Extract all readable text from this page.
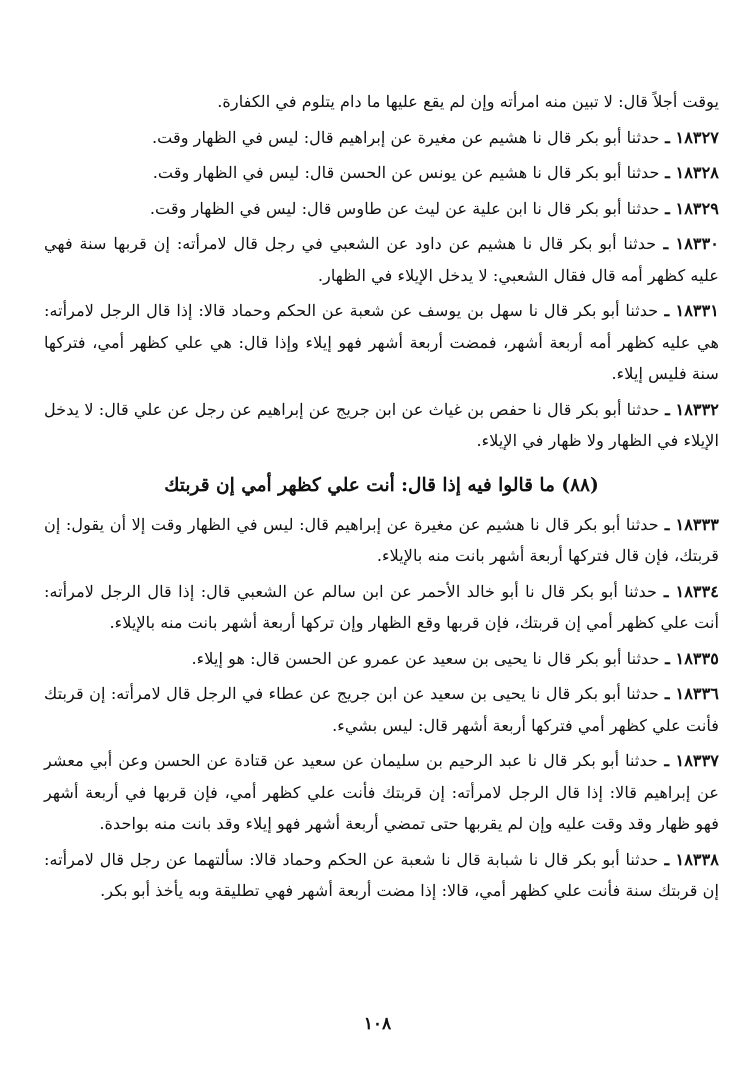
يوقت أجلاً قال: لا تبين منه امرأته وإن لم يقع عليها ما دام يتلوم في الكفارة.

١٨٣٢٧ ـ حدثنا أبو بكر قال نا هشيم عن مغيرة عن إبراهيم قال: ليس في الظهار وقت.

١٨٣٢٨ ـ حدثنا أبو بكر قال نا هشيم عن يونس عن الحسن قال: ليس في الظهار وقت.

١٨٣٢٩ ـ حدثنا أبو بكر قال نا ابن علية عن ليث عن طاوس قال: ليس في الظهار وقت.

١٨٣٣٠ ـ حدثنا أبو بكر قال نا هشيم عن داود عن الشعبي في رجل قال لامرأته: إن قربها سنة فهي عليه كظهر أمه قال فقال الشعبي: لا يدخل الإيلاء في الظهار.

١٨٣٣١ ـ حدثنا أبو بكر قال نا سهل بن يوسف عن شعبة عن الحكم وحماد قالا: إذا قال الرجل لامرأته: هي عليه كظهر أمه أربعة أشهر، فمضت أربعة أشهر فهو إيلاء وإذا قال: هي علي كظهر أمي، فتركها سنة فليس إيلاء.

١٨٣٣٢ ـ حدثنا أبو بكر قال نا حفص بن غياث عن ابن جريج عن إبراهيم عن رجل عن علي قال: لا يدخل الإيلاء في الظهار ولا ظهار في الإيلاء.

(٨٨) ما قالوا فيه إذا قال: أنت علي كظهر أمي إن قربتك

١٨٣٣٣ ـ حدثنا أبو بكر قال نا هشيم عن مغيرة عن إبراهيم قال: ليس في الظهار وقت إلا أن يقول: إن قربتك، فإن قال فتركها أربعة أشهر بانت منه بالإيلاء.

١٨٣٣٤ ـ حدثنا أبو بكر قال نا أبو خالد الأحمر عن ابن سالم عن الشعبي قال: إذا قال الرجل لامرأته: أنت علي كظهر أمي إن قربتك، فإن قربها وقع الظهار وإن تركها أربعة أشهر بانت منه بالإيلاء.

١٨٣٣٥ ـ حدثنا أبو بكر قال نا يحيى بن سعيد عن عمرو عن الحسن قال: هو إيلاء.

١٨٣٣٦ ـ حدثنا أبو بكر قال نا يحيى بن سعيد عن ابن جريج عن عطاء في الرجل قال لامرأته: إن قربتك فأنت علي كظهر أمي فتركها أربعة أشهر قال: ليس بشيء.

١٨٣٣٧ ـ حدثنا أبو بكر قال نا عبد الرحيم بن سليمان عن سعيد عن قتادة عن الحسن وعن أبي معشر عن إبراهيم قالا: إذا قال الرجل لامرأته: إن قربتك فأنت علي كظهر أمي، فإن قربها في أربعة أشهر فهو ظهار وقد وقت عليه وإن لم يقربها حتى تمضي أربعة أشهر فهو إيلاء وقد بانت منه بواحدة.

١٨٣٣٨ ـ حدثنا أبو بكر قال نا شبابة قال نا شعبة عن الحكم وحماد قالا: سألتهما عن رجل قال لامرأته: إن قربتك سنة فأنت علي كظهر أمي، قالا: إذا مضت أربعة أشهر فهي تطليقة وبه يأخذ أبو بكر.

١٠٨
